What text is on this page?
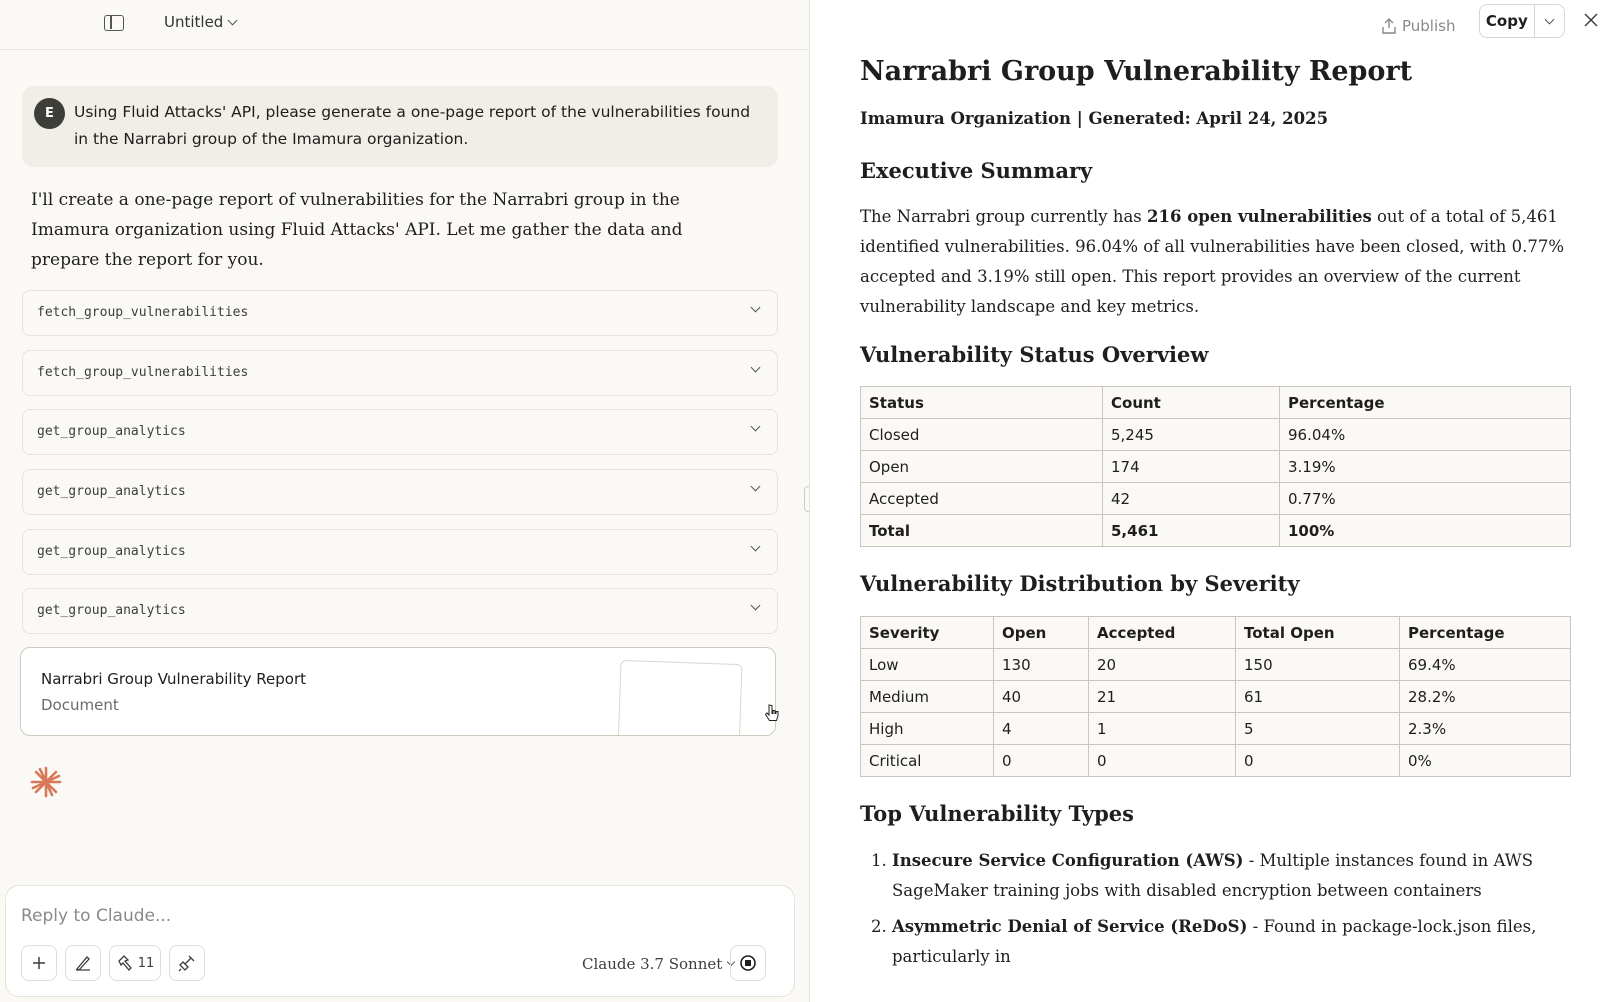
Untitled
E	Using Fluid Attacks' API, please generate a one-page report of the vulnerabilities found in the Narrabri group of the Imamura organization.
I'll create a one-page report of vulnerabilities for the Narrabri group in the Imamura organization using Fluid Attacks' API. Let me gather the data and prepare the report for you.
fetch_group_vulnerabilities
fetch_group_vulnerabilities
get_group_analytics
get_group_analytics
get_group_analytics
get_group_analytics
Narrabri Group Vulnerability Report
Document
Reply to Claude...
11	Claude 3.7 Sonnet
Publish	Copy
Narrabri Group Vulnerability Report
Imamura Organization | Generated: April 24, 2025
Executive Summary
The Narrabri group currently has 216 open vulnerabilities out of a total of 5,461 identified vulnerabilities. 96.04% of all vulnerabilities have been closed, with 0.77% accepted and 3.19% still open. This report provides an overview of the current vulnerability landscape and key metrics.
Vulnerability Status Overview
Status	Count	Percentage
Closed	5,245	96.04%
Open	174	3.19%
Accepted	42	0.77%
Total	5,461	100%
Vulnerability Distribution by Severity
Severity	Open	Accepted	Total Open	Percentage
Low	130	20	150	69.4%
Medium	40	21	61	28.2%
High	4	1	5	2.3%
Critical	0	0	0	0%
Top Vulnerability Types
1. Insecure Service Configuration (AWS) - Multiple instances found in AWS SageMaker training jobs with disabled encryption between containers
2. Asymmetric Denial of Service (ReDoS) - Found in package-lock.json files, particularly in
